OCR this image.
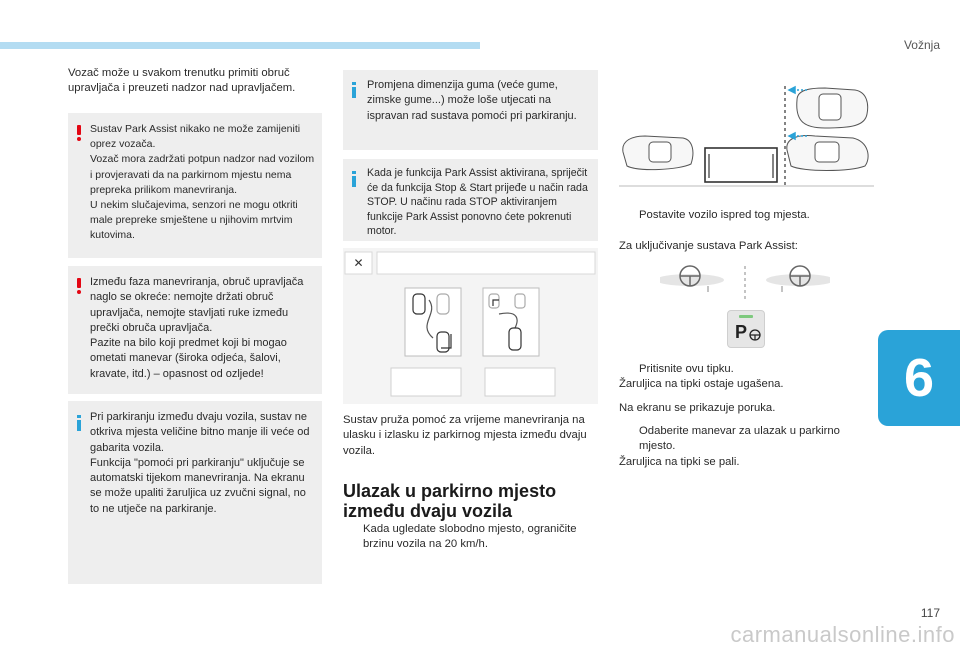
Vožnja
6
117
carmanualsonline.info
Vozač može u svakom trenutku primiti obruč upravljača i preuzeti nadzor nad upravljačem.
Sustav Park Assist nikako ne može zamijeniti oprez vozača.
Vozač mora zadržati potpun nadzor nad vozilom i provjeravati da na parkirnom mjestu nema prepreka prilikom manevriranja.
U nekim slučajevima, senzori ne mogu otkriti male prepreke smještene u njihovim mrtvim kutovima.
Između faza manevriranja, obruč upravljača naglo se okreće: nemojte držati obruč upravljača, nemojte stavljati ruke između prečki obruča upravljača.
Pazite na bilo koji predmet koji bi mogao ometati manevar (široka odjeća, šalovi, kravate, itd.) – opasnost od ozljede!
Pri parkiranju između dvaju vozila, sustav ne otkriva mjesta veličine bitno manje ili veće od gabarita vozila.
Funkcija "pomoći pri parkiranju" uključuje se automatski tijekom manevriranja. Na ekranu se može upaliti žaruljica uz zvučni signal, no to ne utječe na parkiranje.
Promjena dimenzija guma (veće gume, zimske gume...) može loše utjecati na ispravan rad sustava pomoći pri parkiranju.
Kada je funkcija Park Assist aktivirana, spriječit će da funkcija Stop & Start prijeđe u način rada STOP. U načinu rada STOP aktiviranjem funkcije Park Assist ponovno ćete pokrenuti motor.
✕
Sustav pruža pomoć za vrijeme manevriranja na ulasku i izlasku iz parkirnog mjesta između dvaju vozila.
Ulazak u parkirno mjesto između dvaju vozila
Kada ugledate slobodno mjesto, ograničite brzinu vozila na 20 km/h.
Postavite vozilo ispred tog mjesta.
Za uključivanje sustava Park Assist:
P
Pritisnite ovu tipku.
Žaruljica na tipki ostaje ugašena.
Na ekranu se prikazuje poruka.
Odaberite manevar za ulazak u parkirno mjesto.
Žaruljica na tipki se pali.
